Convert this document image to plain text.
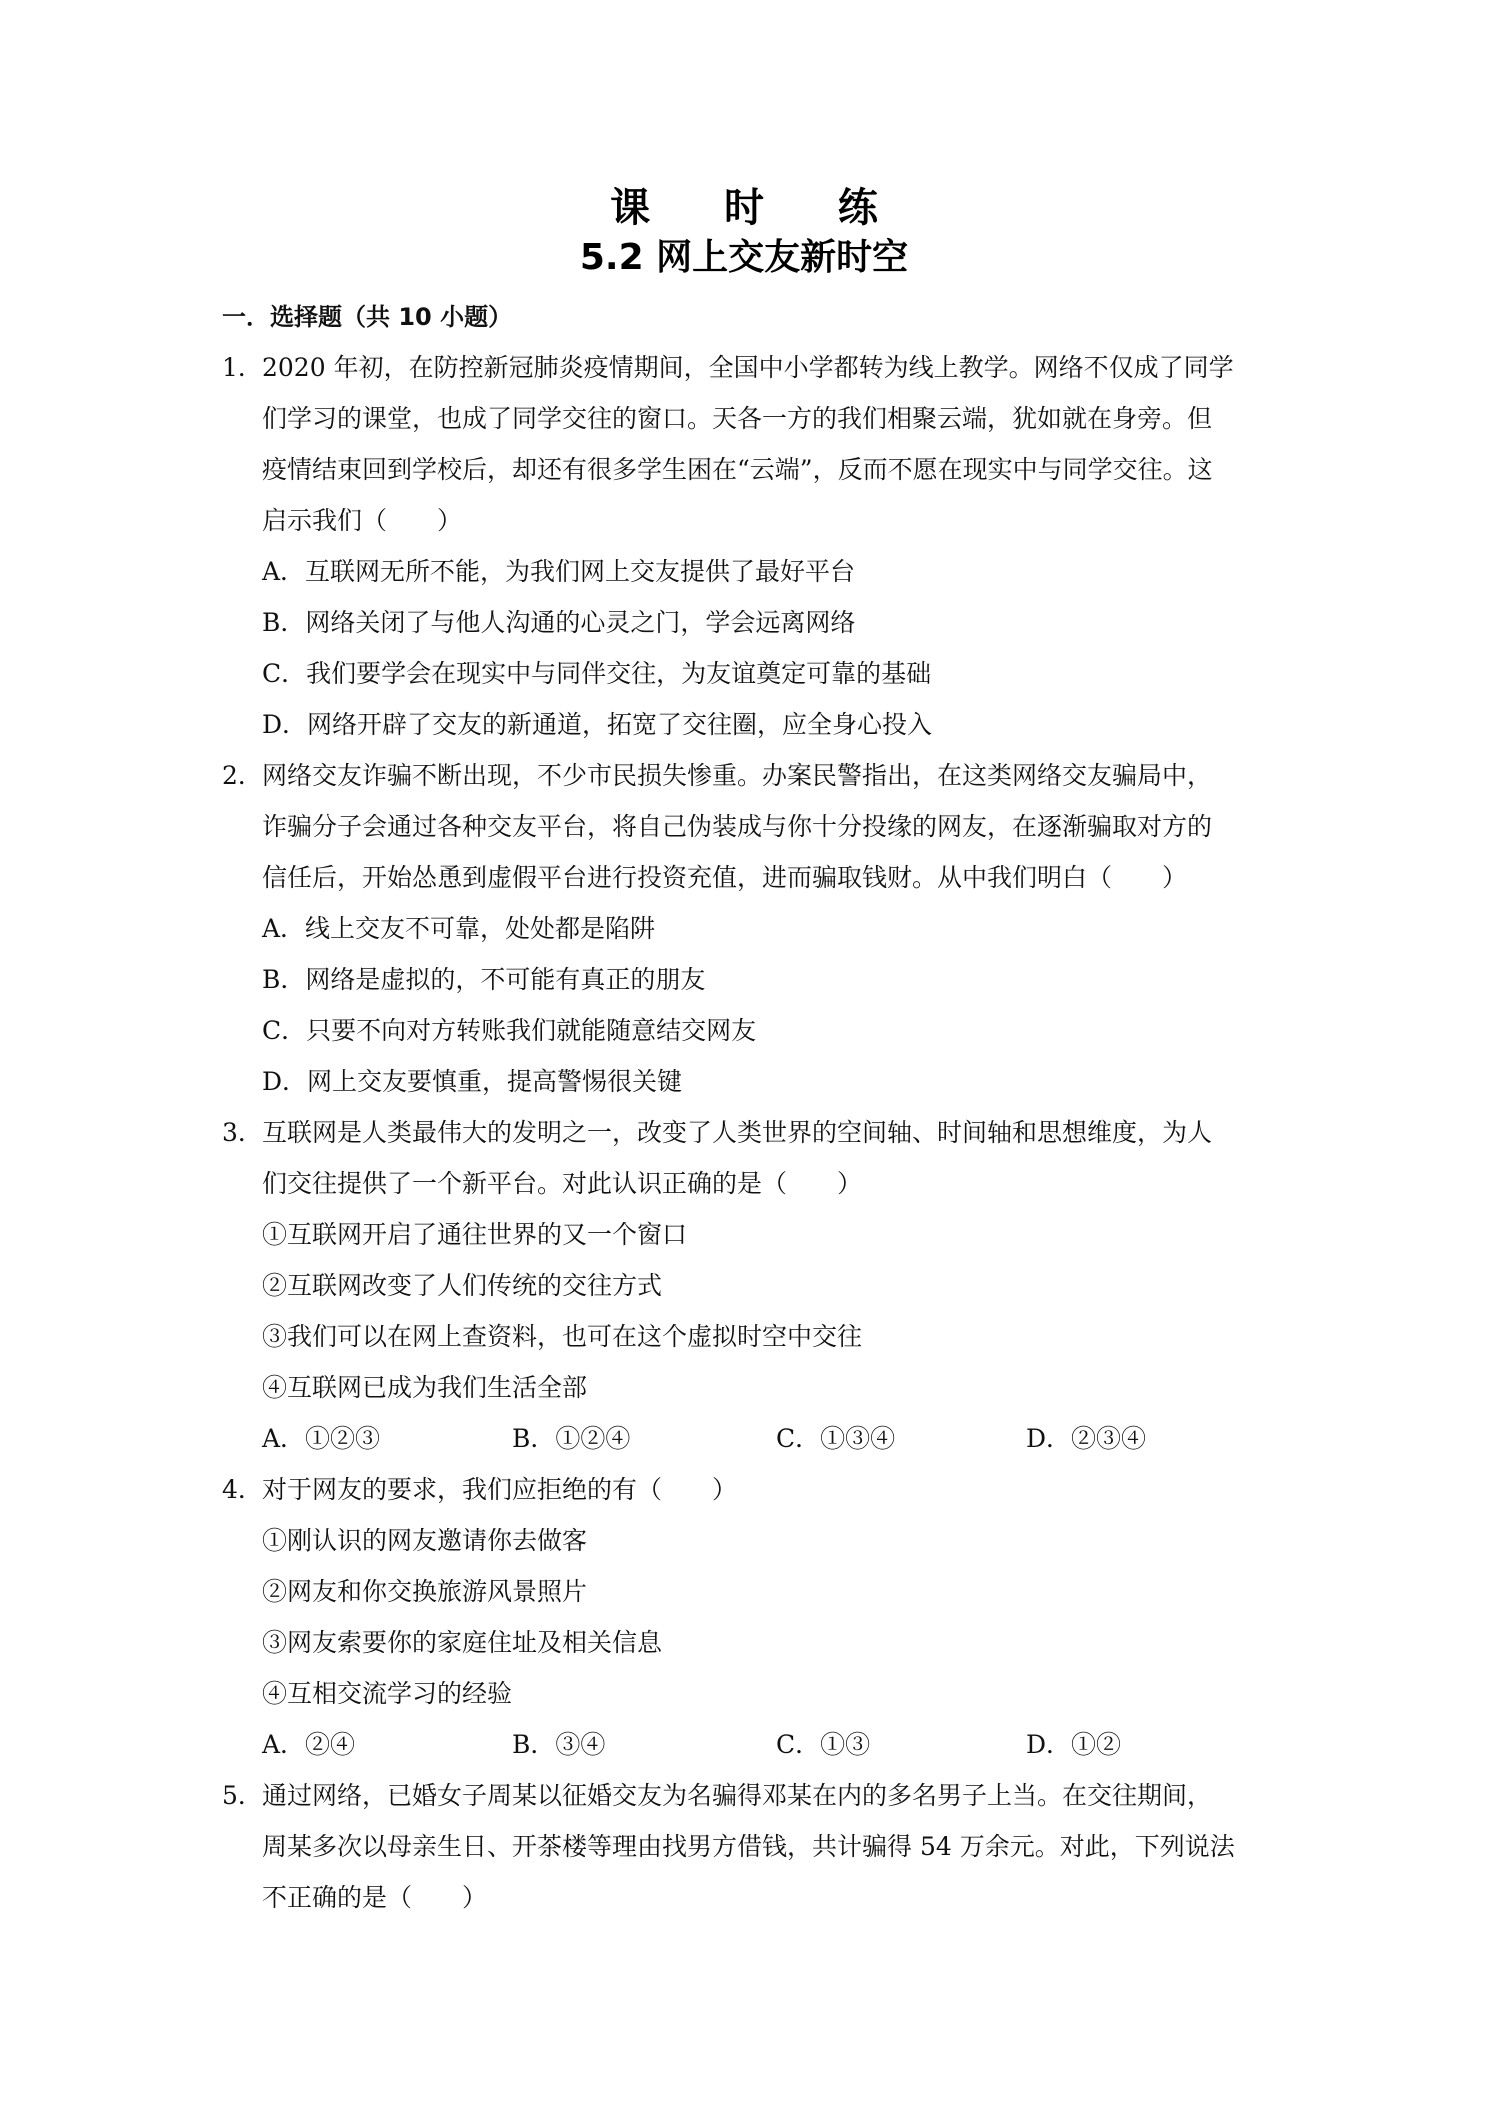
课 时 练
5.2 网上交友新时空
一．选择题（共 10 小题）
1． 2020 年初，在防控新冠肺炎疫情期间，全国中小学都转为线上教学。网络不仅成了同学
们学习的课堂，也成了同学交往的窗口。天各一方的我们相聚云端，犹如就在身旁。但
疫情结束回到学校后，却还有很多学生困在“云端”，反而不愿在现实中与同学交往。这
启示我们（　　）
A．互联网无所不能，为我们网上交友提供了最好平台
B．网络关闭了与他人沟通的心灵之门，学会远离网络
C．我们要学会在现实中与同伴交往，为友谊奠定可靠的基础
D．网络开辟了交友的新通道，拓宽了交往圈，应全身心投入
2． 网络交友诈骗不断出现，不少市民损失惨重。办案民警指出，在这类网络交友骗局中，
诈骗分子会通过各种交友平台，将自己伪装成与你十分投缘的网友，在逐渐骗取对方的
信任后，开始怂恿到虚假平台进行投资充值，进而骗取钱财。从中我们明白（　　）
A．线上交友不可靠，处处都是陷阱
B．网络是虚拟的，不可能有真正的朋友
C．只要不向对方转账我们就能随意结交网友
D．网上交友要慎重，提高警惕很关键
3． 互联网是人类最伟大的发明之一，改变了人类世界的空间轴、时间轴和思想维度，为人
们交往提供了一个新平台。对此认识正确的是（　　）
①互联网开启了通往世界的又一个窗口
②互联网改变了人们传统的交往方式
③我们可以在网上查资料，也可在这个虚拟时空中交往
④互联网已成为我们生活全部
A．①②③	B．①②④	C．①③④	D．②③④
4． 对于网友的要求，我们应拒绝的有（　　）
①刚认识的网友邀请你去做客
②网友和你交换旅游风景照片
③网友索要你的家庭住址及相关信息
④互相交流学习的经验
A．②④	B．③④	C．①③	D．①②
5． 通过网络，已婚女子周某以征婚交友为名骗得邓某在内的多名男子上当。在交往期间，
周某多次以母亲生日、开茶楼等理由找男方借钱，共计骗得 54 万余元。对此，下列说法
不正确的是（　　）
